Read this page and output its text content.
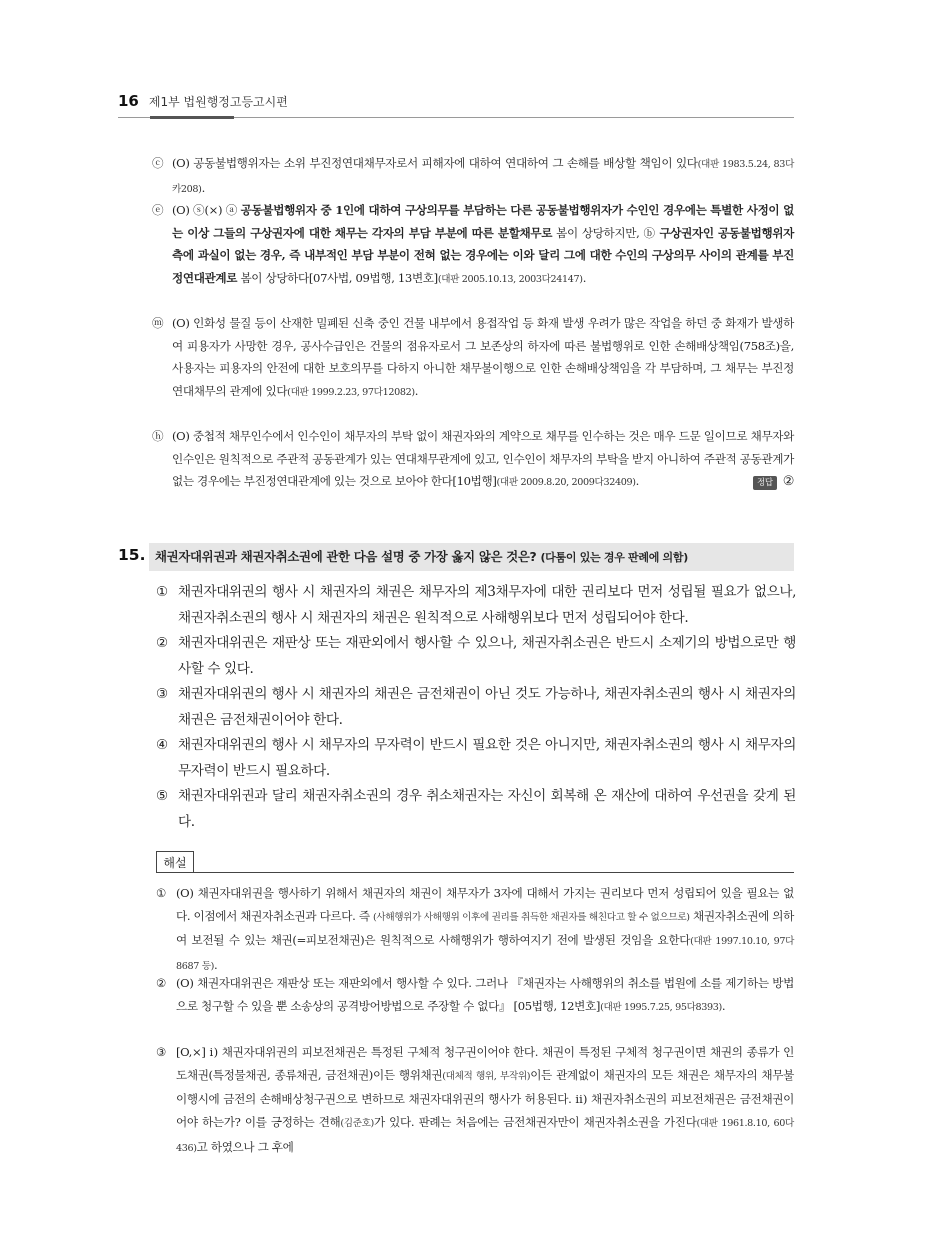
16 제1부 법원행정고등고시편
ⓒ (O) 공동불법행위자는 소위 부진정연대채무자로서 피해자에 대하여 연대하여 그 손해를 배상할 책임이 있다(대판 1983.5.24, 83다카208).
ⓔ (O) ⓢ(×) ⓐ 공동불법행위자 중 1인에 대하여 구상의무를 부담하는 다른 공동불법행위자가 수인인 경우에는 특별한 사정이 없는 이상 그들의 구상권자에 대한 채무는 각자의 부담 부분에 따른 분할채무로 봄이 상당하지만, ⓑ 구상권자인 공동불법행위자 측에 과실이 없는 경우, 즉 내부적인 부담 부분이 전혀 없는 경우에는 이와 달리 그에 대한 수인의 구상의무 사이의 관계를 부진정연대관계로 봄이 상당하다[07사법, 09법행, 13변호](대판 2005.10.13, 2003다24147).
ⓜ (O) 인화성 물질 등이 산재한 밀폐된 신축 중인 건물 내부에서 용접작업 등 화재 발생 우려가 많은 작업을 하던 중 화재가 발생하여 피용자가 사망한 경우, 공사수급인은 건물의 점유자로서 그 보존상의 하자에 따른 불법행위로 인한 손해배상책임(758조)을, 사용자는 피용자의 안전에 대한 보호의무를 다하지 아니한 채무불이행으로 인한 손해배상책임을 각 부담하며, 그 채무는 부진정연대채무의 관계에 있다(대판 1999.2.23, 97다12082).
ⓗ (O) 중첩적 채무인수에서 인수인이 채무자의 부탁 없이 채권자와의 계약으로 채무를 인수하는 것은 매우 드문 일이므로 채무자와 인수인은 원칙적으로 주관적 공동관계가 있는 연대채무관계에 있고, 인수인이 채무자의 부탁을 받지 아니하여 주관적 공동관계가 없는 경우에는 부진정연대관계에 있는 것으로 보아야 한다[10법행](대판 2009.8.20, 2009다32409).	정답 ②
15. 채권자대위권과 채권자취소권에 관한 다음 설명 중 가장 옳지 않은 것은? (다툼이 있는 경우 판례에 의함)
① 채권자대위권의 행사 시 채권자의 채권은 채무자의 제3채무자에 대한 권리보다 먼저 성립될 필요가 없으나, 채권자취소권의 행사 시 채권자의 채권은 원칙적으로 사해행위보다 먼저 성립되어야 한다.
② 채권자대위권은 재판상 또는 재판외에서 행사할 수 있으나, 채권자취소권은 반드시 소제기의 방법으로만 행사할 수 있다.
③ 채권자대위권의 행사 시 채권자의 채권은 금전채권이 아닌 것도 가능하나, 채권자취소권의 행사 시 채권자의 채권은 금전채권이어야 한다.
④ 채권자대위권의 행사 시 채무자의 무자력이 반드시 필요한 것은 아니지만, 채권자취소권의 행사 시 채무자의 무자력이 반드시 필요하다.
⑤ 채권자대위권과 달리 채권자취소권의 경우 취소채권자는 자신이 회복해 온 재산에 대하여 우선권을 갖게 된다.
해설
① (O) 채권자대위권을 행사하기 위해서 채권자의 채권이 채무자가 3자에 대해서 가지는 권리보다 먼저 성립되어 있을 필요는 없다. 이점에서 채권자취소권과 다르다. 즉 (사해행위가 사해행위 이후에 권리를 취득한 채권자를 해친다고 할 수 없으므로) 채권자취소권에 의하여 보전될 수 있는 채권(=피보전채권)은 원칙적으로 사해행위가 행하여지기 전에 발생된 것임을 요한다(대판 1997.10.10, 97다8687 등).
② (O) 채권자대위권은 재판상 또는 재판외에서 행사할 수 있다. 그러나 『채권자는 사해행위의 취소를 법원에 소를 제기하는 방법으로 청구할 수 있을 뿐 소송상의 공격방어방법으로 주장할 수 없다』 [05법행, 12변호](대판 1995.7.25, 95다8393).
③ [O,×] ⅰ) 채권자대위권의 피보전채권은 특정된 구체적 청구권이어야 한다. 채권이 특정된 구체적 청구권이면 채권의 종류가 인도채권(특정물채권, 종류채권, 금전채권)이든 행위채권(대체적 행위, 부작위)이든 관계없이 채권자의 모든 채권은 채무자의 채무불이행시에 금전의 손해배상청구권으로 변하므로 채권자대위권의 행사가 허용된다. ⅱ) 채권자취소권의 피보전채권은 금전채권이어야 하는가? 이를 긍정하는 견해(김준호)가 있다. 판례는 처음에는 금전채권자만이 채권자취소권을 가진다(대판 1961.8.10, 60다436)고 하였으나 그 후에
